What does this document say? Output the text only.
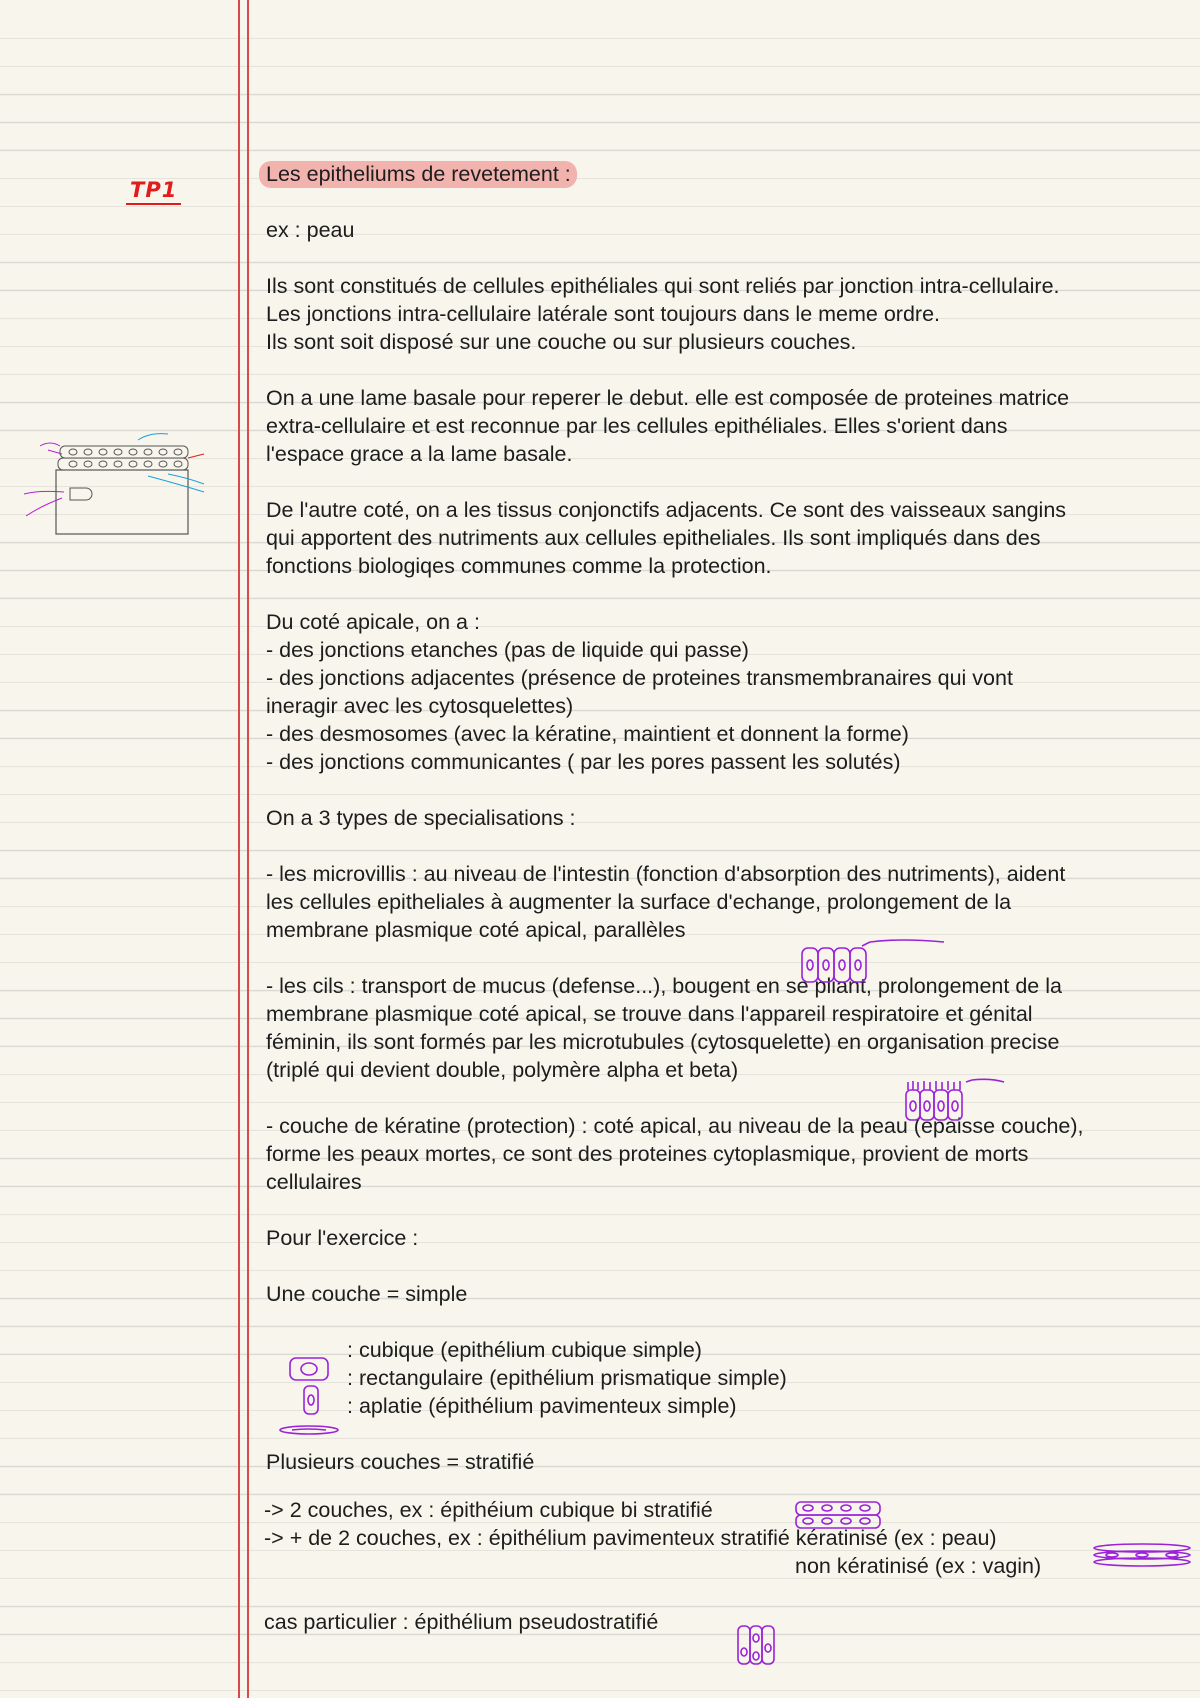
TP1
Les epitheliums de revetement :
ex : peau
Ils sont constitués de cellules epithéliales qui sont reliés par jonction intra-cellulaire.
Les jonctions intra-cellulaire latérale sont toujours dans le meme ordre.
Ils sont soit disposé sur une couche ou sur plusieurs couches.
On a une lame basale pour reperer le debut. elle est composée de proteines matrice
extra-cellulaire et est reconnue par les cellules epithéliales. Elles s'orient dans
l'espace grace a la lame basale.
De l'autre coté, on a les tissus conjonctifs adjacents. Ce sont des vaisseaux sangins
qui apportent des nutriments aux cellules epitheliales. Ils sont impliqués dans des
fonctions biologiqes communes comme la protection.
Du coté apicale, on a :
- des jonctions etanches (pas de liquide qui passe)
- des jonctions adjacentes (présence de proteines transmembranaires qui vont
ineragir avec les cytosquelettes)
- des desmosomes (avec la kératine, maintient et donnent la forme)
- des jonctions communicantes ( par les pores passent les solutés)
On a 3 types de specialisations :
- les microvillis : au niveau de l'intestin (fonction d'absorption des nutriments), aident
les cellules epitheliales à augmenter la surface d'echange, prolongement de la
membrane plasmique coté apical, parallèles
- les cils : transport de mucus (defense...), bougent en se pliant, prolongement de la
membrane plasmique coté apical, se trouve dans l'appareil respiratoire et génital
féminin, ils sont formés par les microtubules (cytosquelette) en organisation precise
(triplé qui devient double, polymère alpha et beta)
- couche de kératine (protection) : coté apical, au niveau de la peau (epaisse couche),
forme les peaux mortes, ce sont des proteines cytoplasmique, provient de morts
cellulaires
Pour l'exercice :
Une couche = simple
: cubique (epithélium cubique simple)
: rectangulaire (epithélium prismatique simple)
: aplatie (épithélium pavimenteux simple)
Plusieurs couches = stratifié
-> 2 couches, ex : épithéium cubique bi stratifié
-> + de 2 couches, ex : épithélium pavimenteux stratifié kératinisé (ex : peau)
non kératinisé (ex : vagin)
cas particulier : épithélium pseudostratifié
